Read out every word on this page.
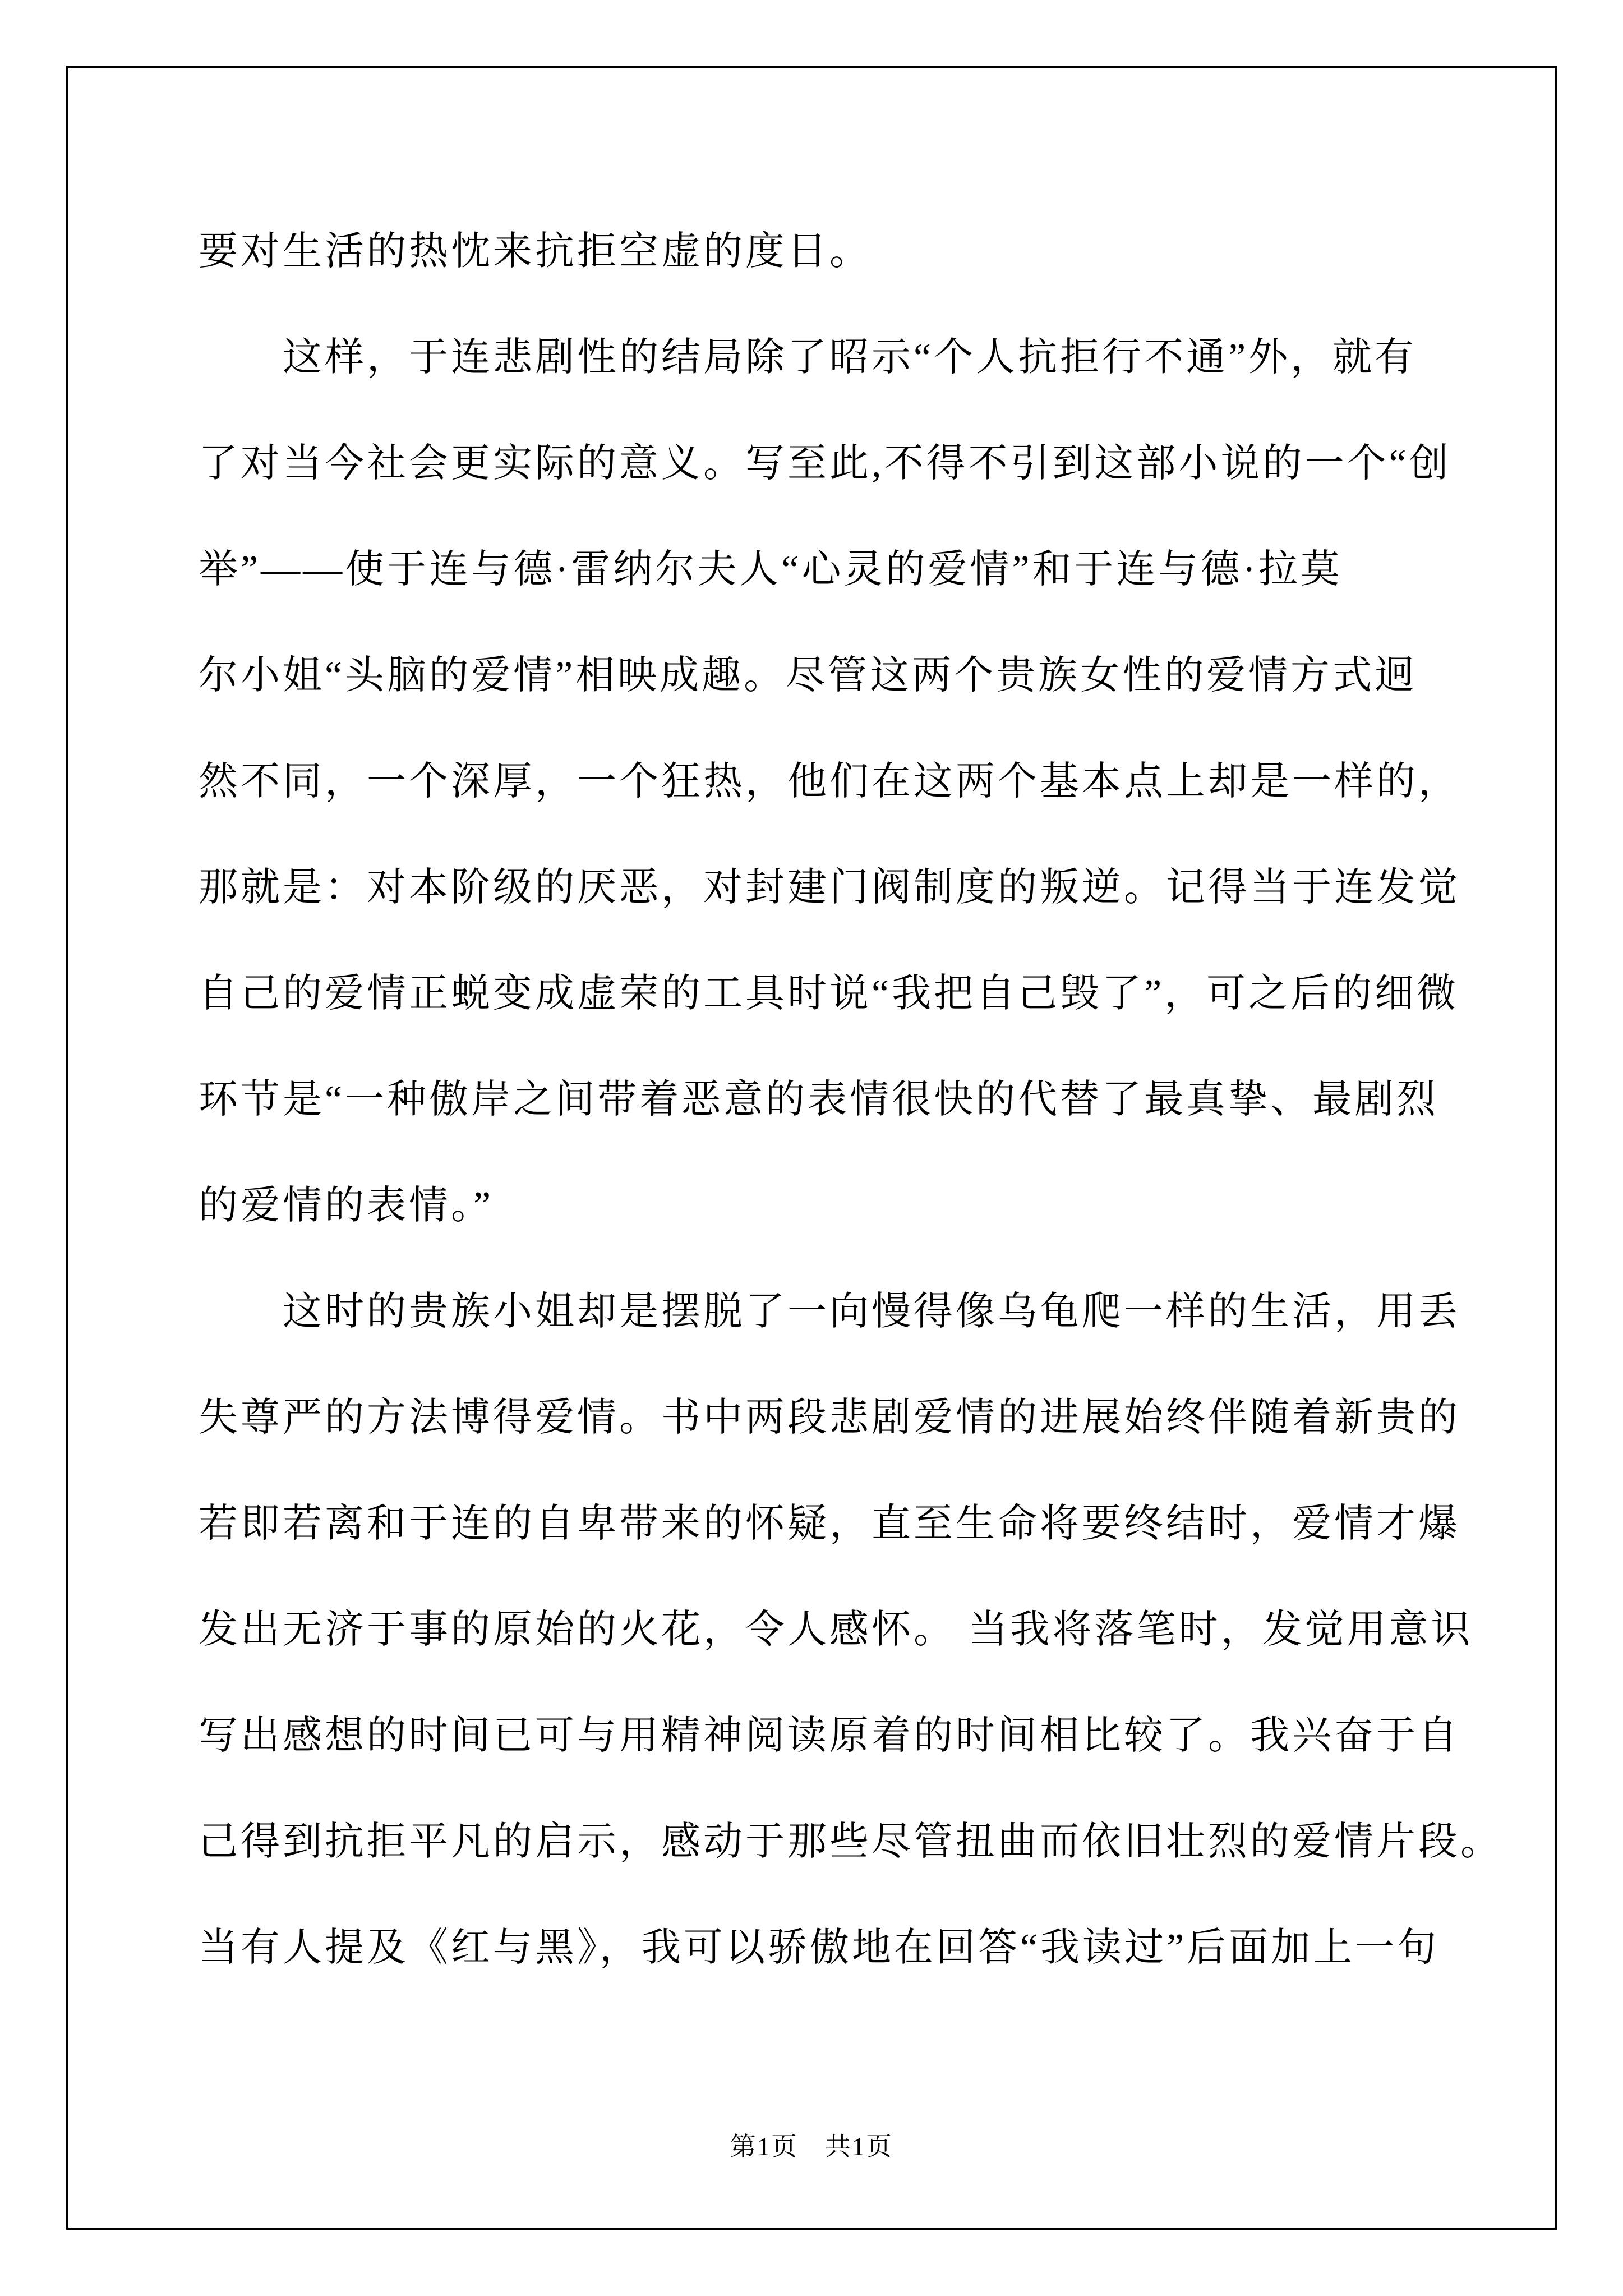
要对生活的热忱来抗拒空虚的度日。
　　这样，于连悲剧性的结局除了昭示“个人抗拒行不通”外，就有
了对当今社会更实际的意义。写至此,不得不引到这部小说的一个“创
举”——使于连与德·雷纳尔夫人“心灵的爱情”和于连与德·拉莫
尔小姐“头脑的爱情”相映成趣。尽管这两个贵族女性的爱情方式迥
然不同，一个深厚，一个狂热，他们在这两个基本点上却是一样的，
那就是：对本阶级的厌恶，对封建门阀制度的叛逆。记得当于连发觉
自己的爱情正蜕变成虚荣的工具时说“我把自己毁了”，可之后的细微
环节是“一种傲岸之间带着恶意的表情很快的代替了最真挚、最剧烈
的爱情的表情。”
　　这时的贵族小姐却是摆脱了一向慢得像乌龟爬一样的生活，用丢
失尊严的方法博得爱情。书中两段悲剧爱情的进展始终伴随着新贵的
若即若离和于连的自卑带来的怀疑，直至生命将要终结时，爱情才爆
发出无济于事的原始的火花，令人感怀。 当我将落笔时，发觉用意识
写出感想的时间已可与用精神阅读原着的时间相比较了。我兴奋于自
己得到抗拒平凡的启示，感动于那些尽管扭曲而依旧壮烈的爱情片段。
当有人提及《红与黑》，我可以骄傲地在回答“我读过”后面加上一句
第1页　共1页
